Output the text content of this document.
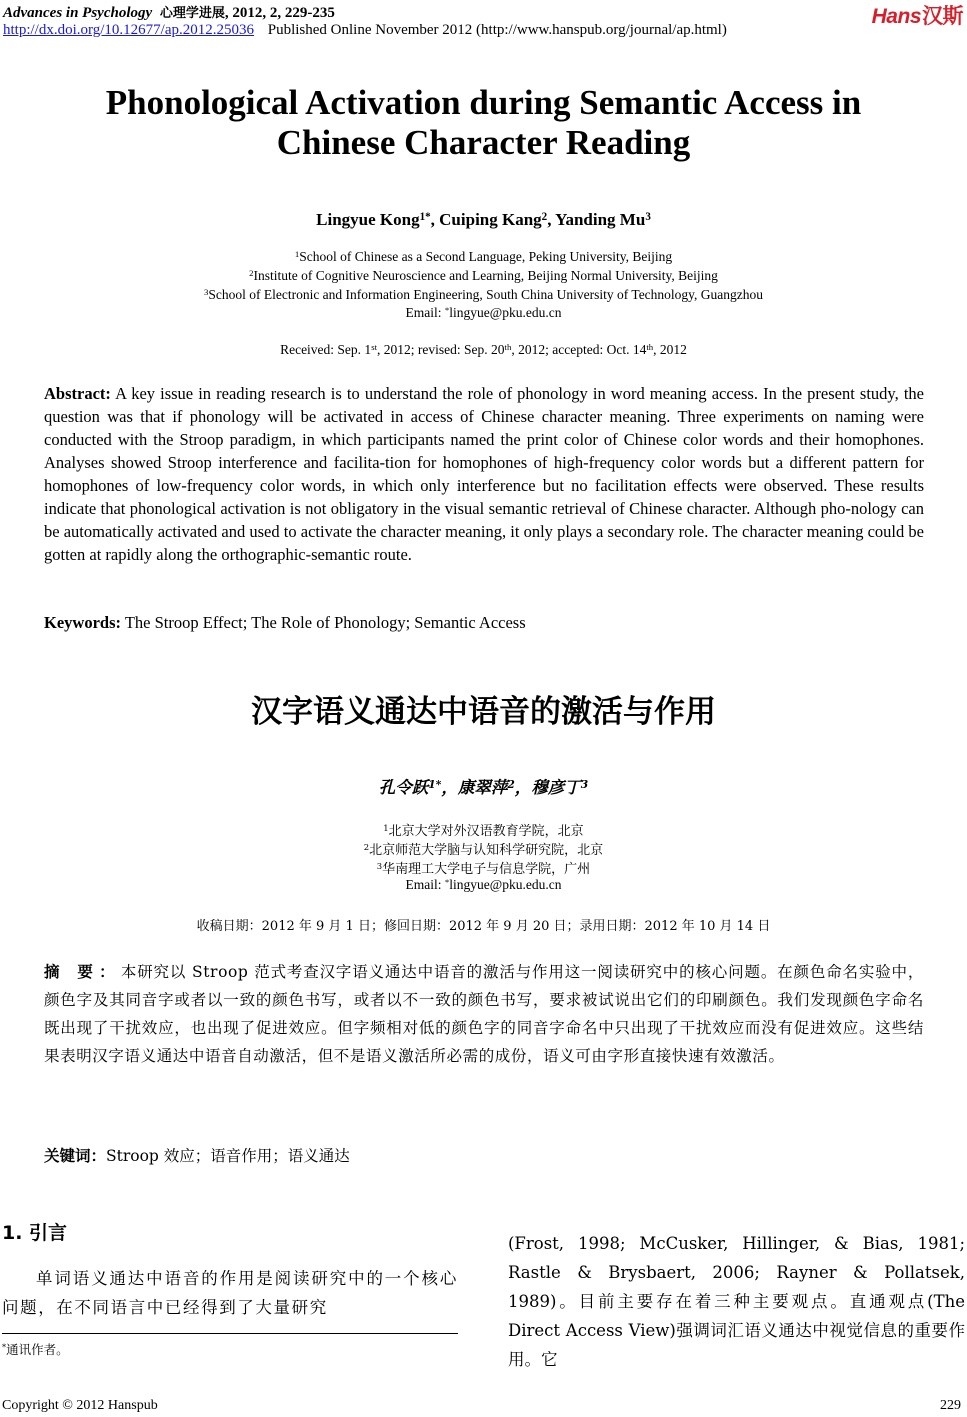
Advances in Psychology 心理学进展, 2012, 2, 229-235
http://dx.doi.org/10.12677/ap.2012.25036 Published Online November 2012 (http://www.hanspub.org/journal/ap.html)
Hans汉斯
Phonological Activation during Semantic Access in
Chinese Character Reading
Lingyue Kong$^{1*}$, Cuiping Kang$^2$, Yanding Mu$^3$
$^1$School of Chinese as a Second Language, Peking University, Beijing
$^2$Institute of Cognitive Neuroscience and Learning, Beijing Normal University, Beijing
$^3$School of Electronic and Information Engineering, South China University of Technology, Guangzhou
Email: *lingyue@pku.edu.cn
Received: Sep. 1st, 2012; revised: Sep. 20th, 2012; accepted: Oct. 14th, 2012
Abstract: A key issue in reading research is to understand the role of phonology in word meaning access. In the present study, the question was that if phonology will be activated in access of Chinese character meaning. Three experiments on naming were conducted with the Stroop paradigm, in which participants named the print color of Chinese color words and their homophones. Analyses showed Stroop interference and facilita-tion for homophones of high-frequency color words but a different pattern for homophones of low-frequency color words, in which only interference but no facilitation effects were observed. These results indicate that phonological activation is not obligatory in the visual semantic retrieval of Chinese character. Although pho-nology can be automatically activated and used to activate the character meaning, it only plays a secondary role. The character meaning could be gotten at rapidly along the orthographic-semantic route.
Keywords: The Stroop Effect; The Role of Phonology; Semantic Access
汉字语义通达中语音的激活与作用
孔令跃$^{1*}$，康翠萍$^2$，穆彦丁$^3$
$^1$北京大学对外汉语教育学院，北京
$^2$北京师范大学脑与认知科学研究院，北京
$^3$华南理工大学电子与信息学院，广州
Email: *lingyue@pku.edu.cn
收稿日期：2012 年 9 月 1 日；修回日期：2012 年 9 月 20 日；录用日期：2012 年 10 月 14 日
摘 要：本研究以 Stroop 范式考查汉字语义通达中语音的激活与作用这一阅读研究中的核心问题。在颜色命名实验中，颜色字及其同音字或者以一致的颜色书写，或者以不一致的颜色书写，要求被试说出它们的印刷颜色。我们发现颜色字命名既出现了干扰效应，也出现了促进效应。但字频相对低的颜色字的同音字命名中只出现了干扰效应而没有促进效应。这些结果表明汉字语义通达中语音自动激活，但不是语义激活所必需的成份，语义可由字形直接快速有效激活。
关键词：Stroop 效应；语音作用；语义通达
1. 引言
单词语义通达中语音的作用是阅读研究中的一个核心问题，在不同语言中已经得到了大量研究
(Frost, 1998; McCusker, Hillinger, & Bias, 1981; Rastle & Brysbaert, 2006; Rayner & Pollatsek, 1989)。目前主要存在着三种主要观点。直通观点(The Direct Access View)强调词汇语义通达中视觉信息的重要作用。它
*通讯作者。
Copyright © 2012 Hanspub	229
